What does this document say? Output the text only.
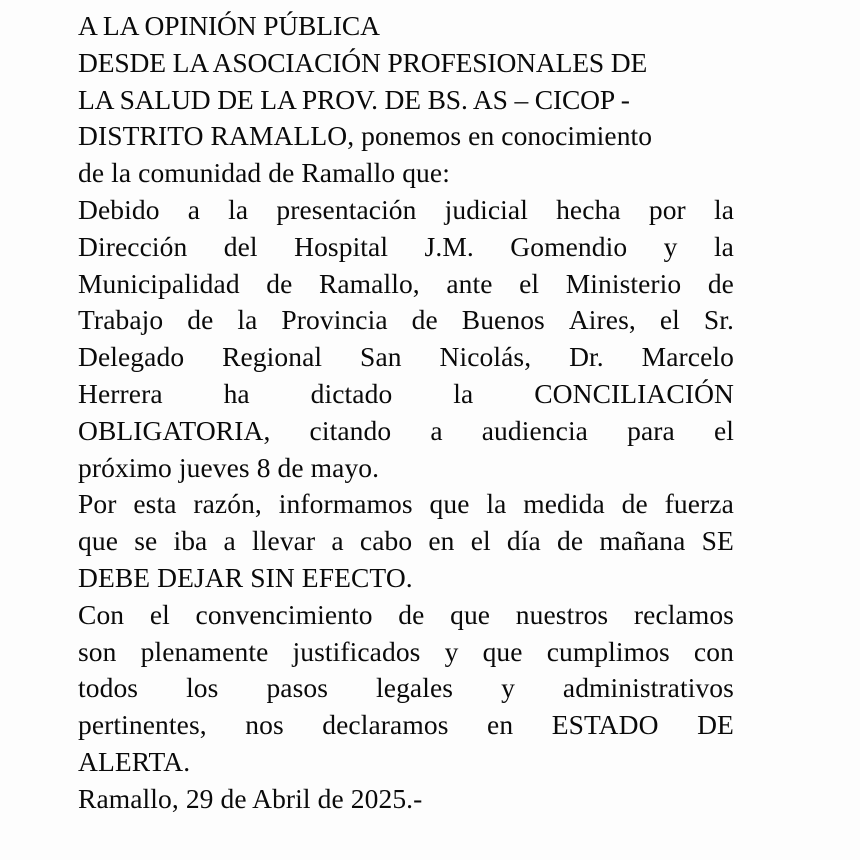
A LA OPINIÓN PÚBLICA
DESDE LA ASOCIACIÓN PROFESIONALES DE
LA SALUD DE LA PROV. DE BS. AS – CICOP -
DISTRITO RAMALLO, ponemos en conocimiento
de la comunidad de Ramallo que:
Debido a la presentación judicial hecha por la
Dirección del Hospital J.M. Gomendio y la
Municipalidad de Ramallo, ante el Ministerio de
Trabajo de la Provincia de Buenos Aires, el Sr.
Delegado Regional San Nicolás, Dr. Marcelo
Herrera ha dictado la CONCILIACIÓN
OBLIGATORIA, citando a audiencia para el
próximo jueves 8 de mayo.
Por esta razón, informamos que la medida de fuerza
que se iba a llevar a cabo en el día de mañana SE
DEBE DEJAR SIN EFECTO.
Con el convencimiento de que nuestros reclamos
son plenamente justificados y que cumplimos con
todos los pasos legales y administrativos
pertinentes, nos declaramos en ESTADO DE
ALERTA.
Ramallo, 29 de Abril de 2025.-
